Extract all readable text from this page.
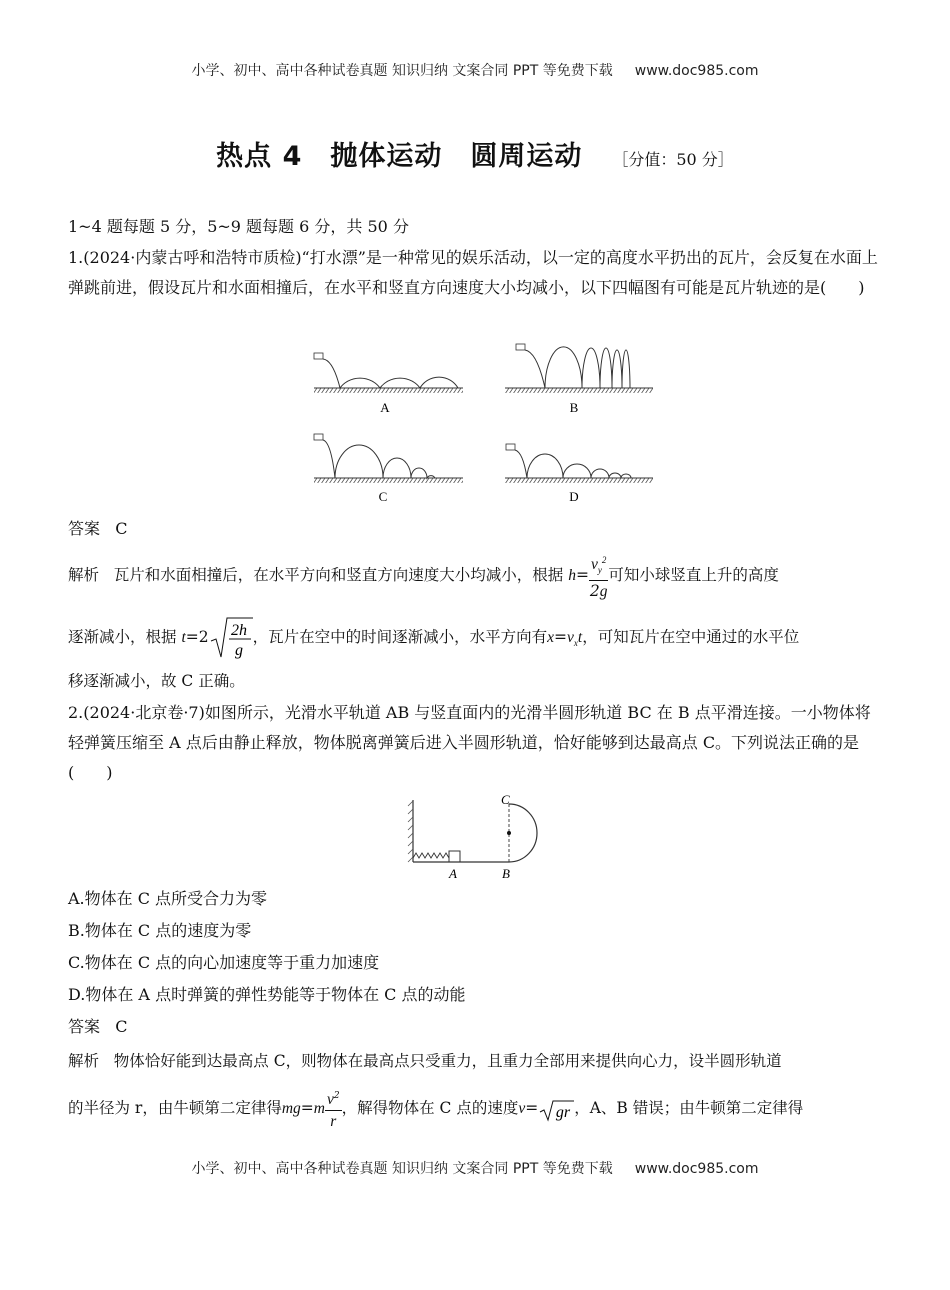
小学、初中、高中各种试卷真题 知识归纳 文案合同 PPT 等免费下载 www.doc985.com
热点 4　抛体运动　圆周运动 ［分值：50 分］
1~4 题每题 5 分，5~9 题每题 6 分，共 50 分
1.(2024·内蒙古呼和浩特市质检)“打水漂”是一种常见的娱乐活动，以一定的高度水平扔出的瓦片，会反复在水面上弹跳前进，假设瓦片和水面相撞后，在水平和竖直方向速度大小均减小，以下四幅图有可能是瓦片轨迹的是(　　)
A	B
C	D
答案 C
解析 瓦片和水面相撞后，在水平方向和竖直方向速度大小均减小，根据 $h= \frac{v_y^2}{2g}$ 可知小球竖直上升的高度
逐渐减小，根据 t=2 2h
g
，瓦片在空中的时间逐渐减小，水平方向有$x=v_xt$，可知瓦片在空中通过的水平位
移逐渐减小，故 C 正确。
2.(2024·北京卷·7)如图所示，光滑水平轨道 AB 与竖直面内的光滑半圆形轨道 BC 在 B 点平滑连接。一小物体将轻弹簧压缩至 A 点后由静止释放，物体脱离弹簧后进入半圆形轨道，恰好能够到达最高点 C。下列说法正确的是(　　)
C
A	B
A.物体在 C 点所受合力为零
B.物体在 C 点的速度为零
C.物体在 C 点的向心加速度等于重力加速度
D.物体在 A 点时弹簧的弹性势能等于物体在 C 点的动能
答案 C
解析 物体恰好能到达最高点 C，则物体在最高点只受重力，且重力全部用来提供向心力，设半圆形轨道
的半径为 r，由牛顿第二定律得$mg=m \frac{v^2}{r}$ ，解得物体在 C 点的速度v= gr ，A、B 错误；由牛顿第二定律得
小学、初中、高中各种试卷真题 知识归纳 文案合同 PPT 等免费下载 www.doc985.com
